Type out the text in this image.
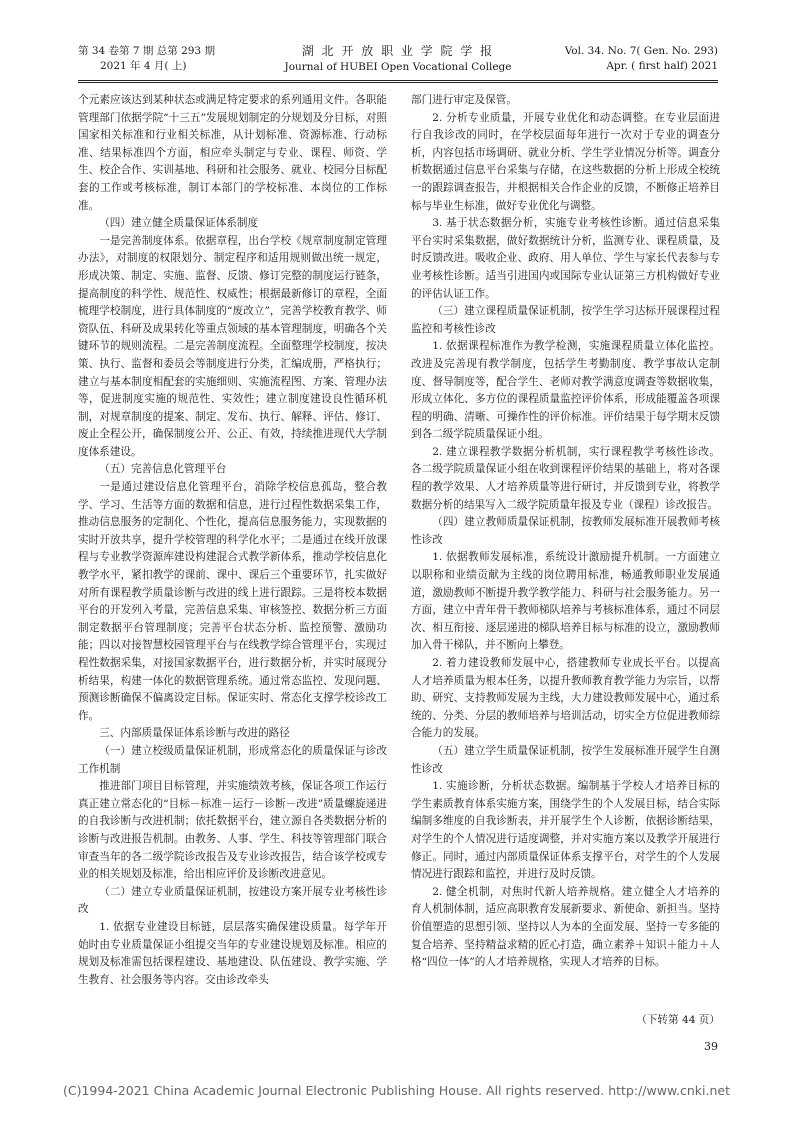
第 34 卷第 7 期 总第 293 期
2021 年 4 月( 上)
湖 北 开 放 职 业 学 院 学 报
Journal of HUBEI Open Vocational College
Vol. 34. No. 7( Gen. No. 293)
Apr. ( first half) 2021

个元素应该达到某种状态或满足特定要求的系列通用文件。各职能管理部门依据学院“十三五”发展规划制定的分规划及分目标，对照国家相关标准和行业相关标准，从计划标准、资源标准、行动标准、结果标准四个方面，相应牵头制定与专业、课程、师资、学生、校企合作、实训基地、科研和社会服务、就业、校园分目标配套的工作或考核标准，制订本部门的学校标准、本岗位的工作标准。

（四）建立健全质量保证体系制度

一是完善制度体系。依据章程，出台学校《规章制度制定管理办法》，对制度的权限划分、制定程序和适用规则做出统一规定，形成决策、制定、实施、监督、反馈、修订完整的制度运行链条，提高制度的科学性、规范性、权威性；根据最新修订的章程，全面梳理学校制度，进行具体制度的“废改立”，完善学校教育教学、师资队伍、科研及成果转化等重点领域的基本管理制度，明确各个关键环节的规则流程。二是完善制度流程。全面整理学校制度，按决策、执行、监督和委员会等制度进行分类，汇编成册，严格执行；建立与基本制度相配套的实施细则、实施流程图、方案、管理办法等，促进制度实施的规范性、实效性；建立制度建设良性循环机制，对规章制度的提案、制定、发布、执行、解释、评估、修订、废止全程公开，确保制度公开、公正、有效，持续推进现代大学制度体系建设。

（五）完善信息化管理平台

一是通过建设信息化管理平台，消除学校信息孤岛，整合教学、学习、生活等方面的数据和信息，进行过程性数据采集工作，推动信息服务的定制化、个性化，提高信息服务能力，实现数据的实时开放共享，提升学校管理的科学化水平；二是通过在线开放课程与专业教学资源库建设构建混合式教学新体系，推动学校信息化教学水平，紧扣教学的课前、课中、课后三个重要环节，扎实做好对所有课程教学质量诊断与改进的线上进行跟踪。三是将校本数据平台的开发列入考量，完善信息采集、审核签控、数据分析三方面制定数据平台管理制度；完善平台状态分析、监控预警、激励功能；四以对接智慧校园管理平台与在线教学综合管理平台，实现过程性数据采集，对接国家数据平台，进行数据分析，并实时展现分析结果，构建一体化的数据管理系统。通过常态监控、发现问题、预测诊断确保不偏离设定目标。保证实时、常态化支撑学校诊改工作。

三、内部质量保证体系诊断与改进的路径

（一）建立校级质量保证机制，形成常态化的质量保证与诊改工作机制

推进部门项目目标管理，并实施绩效考核，保证各项工作运行真正建立常态化的“目标－标准－运行－诊断－改进”质量螺旋递进的自我诊断与改进机制；依托数据平台，建立源自各类数据分析的诊断与改进报告机制。由教务、人事、学生、科技等管理部门联合审查当年的各二级学院诊改报告及专业诊改报告，结合该学校或专业的相关规划及标准，给出相应评价及诊断改进意见。

（二）建立专业质量保证机制，按建设方案开展专业考核性诊改

1. 依据专业建设目标链，层层落实确保建设质量。每学年开始时由专业质量保证小组提交当年的专业建设规划及标准。相应的规划及标准需包括课程建设、基地建设、队伍建设、教学实施、学生教育、社会服务等内容。交由诊改牵头

部门进行审定及保管。

2. 分析专业质量，开展专业优化和动态调整。在专业层面进行自我诊改的同时，在学校层面每年进行一次对于专业的调查分析，内容包括市场调研、就业分析、学生学业情况分析等。调查分析数据通过信息平台采集与存储，在这些数据的分析上形成全校统一的跟踪调查报告，并根据相关合作企业的反馈，不断修正培养目标与毕业生标准，做好专业优化与调整。

3. 基于状态数据分析，实施专业考核性诊断。通过信息采集平台实时采集数据，做好数据统计分析，监测专业、课程质量，及时反馈改进。吸收企业、政府、用人单位、学生与家长代表参与专业考核性诊断。适当引进国内或国际专业认证第三方机构做好专业的评估认证工作。

（三）建立课程质量保证机制，按学生学习达标开展课程过程监控和考核性诊改

1. 依据课程标准作为教学检测，实施课程质量立体化监控。改进及完善现有教学制度，包括学生考勤制度、教学事故认定制度、督导制度等，配合学生、老师对教学满意度调查等数据收集，形成立体化、多方位的课程质量监控评价体系，形成能覆盖各项课程的明确、清晰、可操作性的评价标准。评价结果于每学期末反馈到各二级学院质量保证小组。

2. 建立课程教学数据分析机制，实行课程教学考核性诊改。各二级学院质量保证小组在收到课程评价结果的基础上，将对各课程的教学效果、人才培养质量等进行研讨，并反馈到专业，将教学数据分析的结果写入二级学院质量年报及专业（课程）诊改报告。

（四）建立教师质量保证机制，按教师发展标准开展教师考核性诊改

1. 依据教师发展标准，系统设计激励提升机制。一方面建立以职称和业绩贡献为主线的岗位聘用标准，畅通教师职业发展通道，激励教师不断提升教学教学能力、科研与社会服务能力。另一方面，建立中青年骨干教师梯队培养与考核标准体系，通过不同层次、相互衔接、逐层递进的梯队培养目标与标准的设立，激励教师加入骨干梯队，并不断向上攀登。

2. 着力建设教师发展中心，搭建教师专业成长平台。以提高人才培养质量为根本任务，以提升教师教育教学能力为宗旨，以帮助、研究、支持教师发展为主线，大力建设教师发展中心，通过系统的、分类、分层的教师培养与培训活动，切实全方位促进教师综合能力的发展。

（五）建立学生质量保证机制，按学生发展标准开展学生自测性诊改

1. 实施诊断，分析状态数据。编制基于学校人才培养目标的学生素质教育体系实施方案，围绕学生的个人发展目标，结合实际编制多维度的自我诊断表，并开展学生个人诊断，依据诊断结果，对学生的个人情况进行适度调整，并对实施方案以及教学开展进行修正。同时，通过内部质量保证体系支撑平台，对学生的个人发展情况进行跟踪和监控，并进行及时反馈。

2. 健全机制，对焦时代新人培养规格。建立健全人才培养的育人机制体制，适应高职教育发展新要求、新使命、新担当。坚持价值塑造的思想引领、坚持以人为本的全面发展、坚持一专多能的复合培养、坚持精益求精的匠心打造，确立素养＋知识＋能力＋人格“四位一体”的人才培养规格，实现人才培养的目标。

（下转第 44 页）
39
(C)1994-2021 China Academic Journal Electronic Publishing House. All rights reserved. http://www.cnki.net
